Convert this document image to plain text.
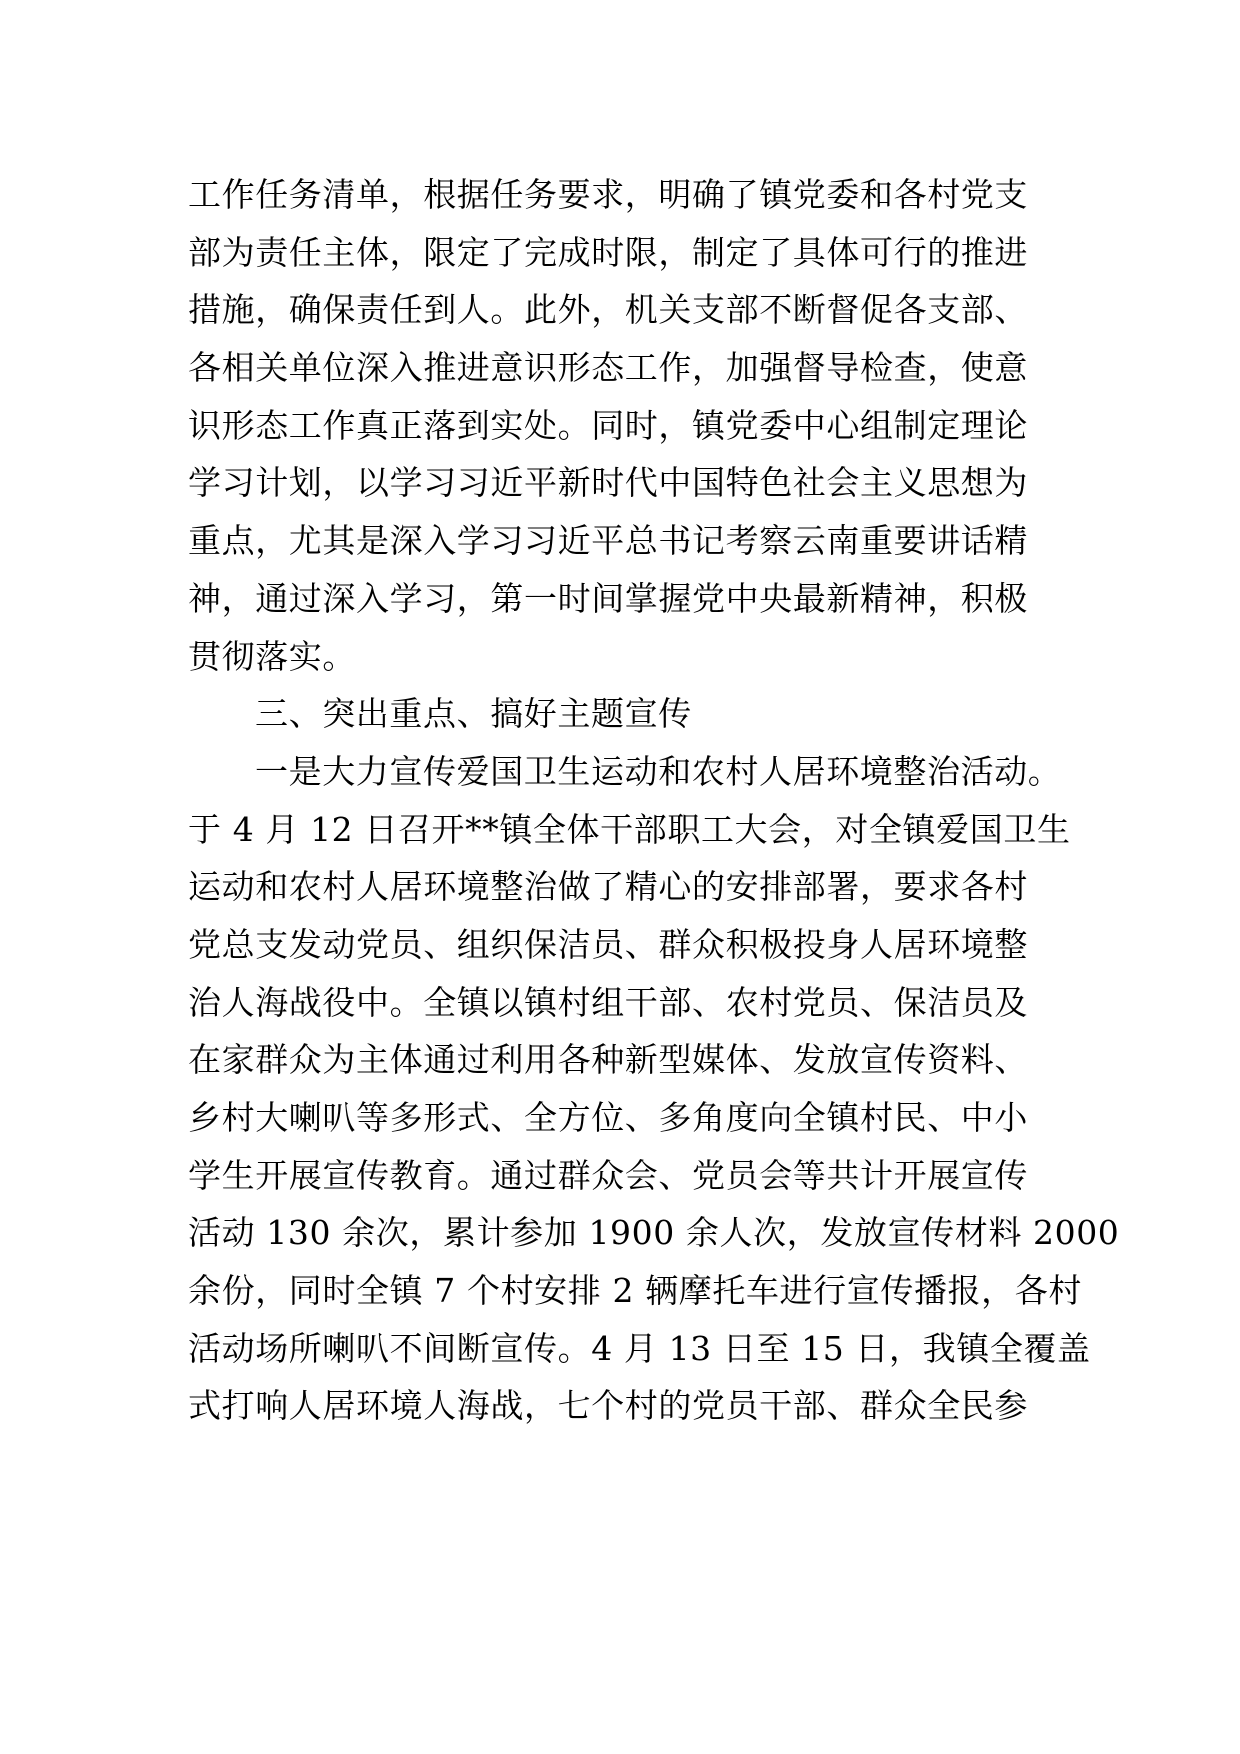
工作任务清单，根据任务要求，明确了镇党委和各村党支
部为责任主体，限定了完成时限，制定了具体可行的推进
措施，确保责任到人。此外，机关支部不断督促各支部、
各相关单位深入推进意识形态工作，加强督导检查，使意
识形态工作真正落到实处。同时，镇党委中心组制定理论
学习计划，以学习习近平新时代中国特色社会主义思想为
重点，尤其是深入学习习近平总书记考察云南重要讲话精
神，通过深入学习，第一时间掌握党中央最新精神，积极
贯彻落实。
三、突出重点、搞好主题宣传
一是大力宣传爱国卫生运动和农村人居环境整治活动。
于 4 月 12 日召开**镇全体干部职工大会，对全镇爱国卫生
运动和农村人居环境整治做了精心的安排部署，要求各村
党总支发动党员、组织保洁员、群众积极投身人居环境整
治人海战役中。全镇以镇村组干部、农村党员、保洁员及
在家群众为主体通过利用各种新型媒体、发放宣传资料、
乡村大喇叭等多形式、全方位、多角度向全镇村民、中小
学生开展宣传教育。通过群众会、党员会等共计开展宣传
活动 130 余次，累计参加 1900 余人次，发放宣传材料 2000
余份，同时全镇 7 个村安排 2 辆摩托车进行宣传播报，各村
活动场所喇叭不间断宣传。4 月 13 日至 15 日，我镇全覆盖
式打响人居环境人海战，七个村的党员干部、群众全民参
